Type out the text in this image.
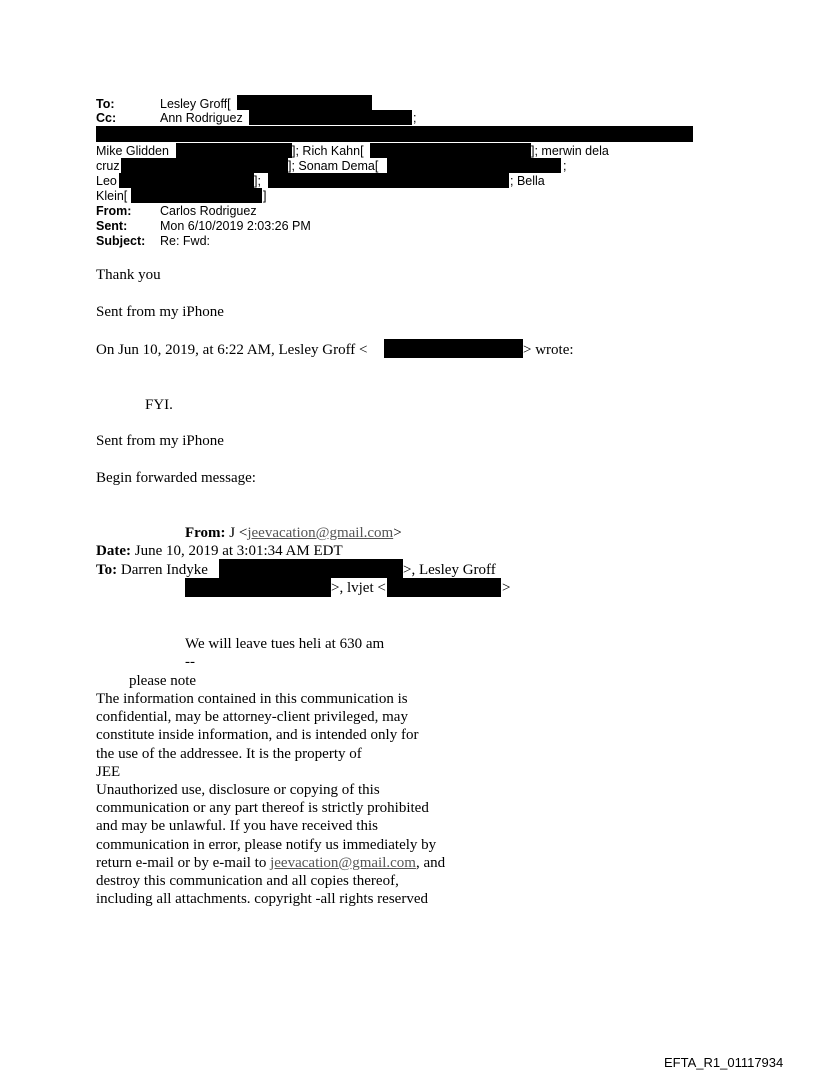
To:	Lesley Groff[
Cc:	Ann Rodriguez	;
Mike Glidden	]; Rich Kahn[	]; merwin dela
cruz	]; Sonam Dema[	;
Leo	];	; Bella
Klein[	]
From: Carlos Rodriguez
Sent:	Mon 6/10/2019 2:03:26 PM
Subject: Re: Fwd:
Thank you
Sent from my iPhone
On Jun 10, 2019, at 6:22 AM, Lesley Groff <	> wrote:
FYI.
Sent from my iPhone
Begin forwarded message:
From: J <jeevacation@gmail.com>
Date: June 10, 2019 at 3:01:34 AM EDT
To: Darren Indyke	>, Lesley Groff
>, lvjet <	>
We will leave tues heli at 630 am
--
please note
The information contained in this communication is
confidential, may be attorney-client privileged, may
constitute inside information, and is intended only for
the use of the addressee. It is the property of
JEE
Unauthorized use, disclosure or copying of this
communication or any part thereof is strictly prohibited
and may be unlawful. If you have received this
communication in error, please notify us immediately by
return e-mail or by e-mail to jeevacation@gmail.com, and
destroy this communication and all copies thereof,
including all attachments. copyright -all rights reserved
EFTA_R1_01117934
